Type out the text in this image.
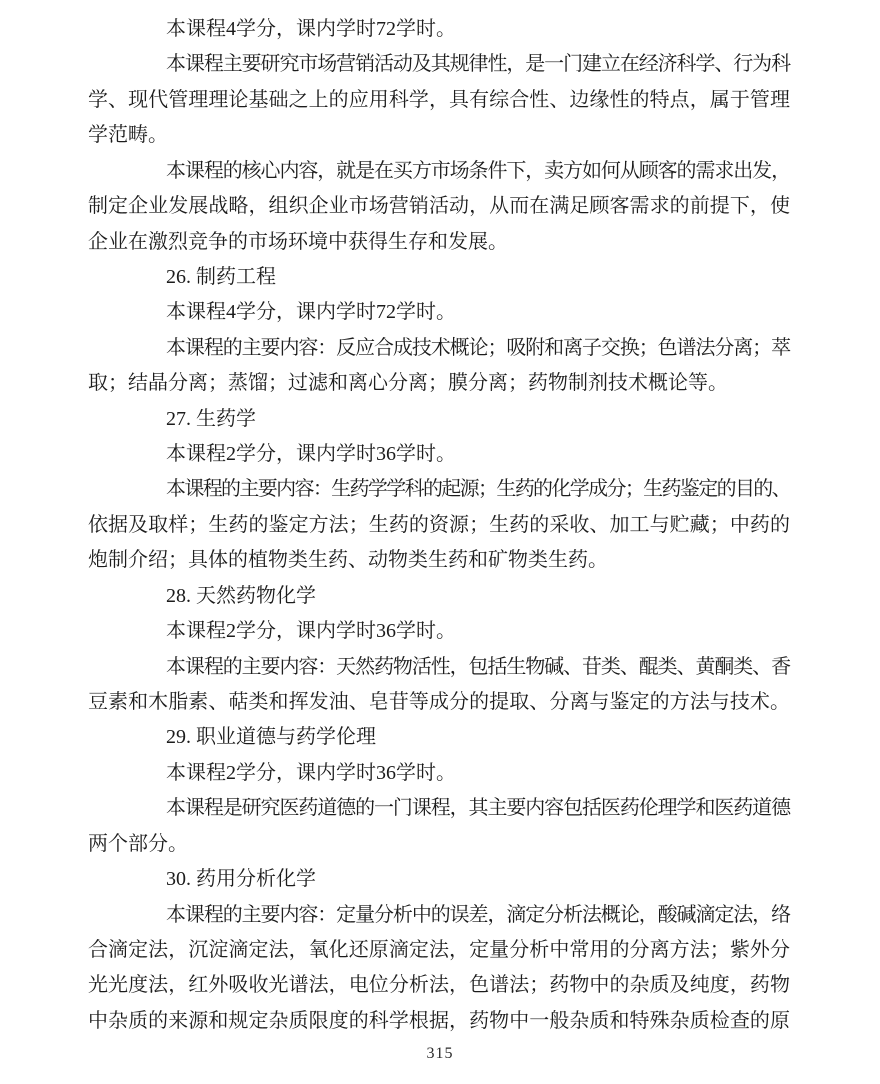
本课程4学分，课内学时72学时。

本课程主要研究市场营销活动及其规律性，是一门建立在经济科学、行为科

学、现代管理理论基础之上的应用科学，具有综合性、边缘性的特点，属于管理

学范畴。

本课程的核心内容，就是在买方市场条件下，卖方如何从顾客的需求出发，

制定企业发展战略，组织企业市场营销活动，从而在满足顾客需求的前提下，使

企业在激烈竞争的市场环境中获得生存和发展。

26. 制药工程

本课程4学分，课内学时72学时。

本课程的主要内容：反应合成技术概论；吸附和离子交换；色谱法分离；萃

取；结晶分离；蒸馏；过滤和离心分离；膜分离；药物制剂技术概论等。

27. 生药学

本课程2学分，课内学时36学时。

本课程的主要内容：生药学学科的起源；生药的化学成分；生药鉴定的目的、

依据及取样；生药的鉴定方法；生药的资源；生药的采收、加工与贮藏；中药的

炮制介绍；具体的植物类生药、动物类生药和矿物类生药。

28. 天然药物化学

本课程2学分，课内学时36学时。

本课程的主要内容：天然药物活性，包括生物碱、苷类、醌类、黄酮类、香

豆素和木脂素、萜类和挥发油、皂苷等成分的提取、分离与鉴定的方法与技术。

29. 职业道德与药学伦理

本课程2学分，课内学时36学时。

本课程是研究医药道德的一门课程，其主要内容包括医药伦理学和医药道德

两个部分。

30. 药用分析化学

本课程的主要内容：定量分析中的误差，滴定分析法概论，酸碱滴定法，络

合滴定法，沉淀滴定法，氧化还原滴定法，定量分析中常用的分离方法；紫外分

光光度法，红外吸收光谱法，电位分析法，色谱法；药物中的杂质及纯度，药物

中杂质的来源和规定杂质限度的科学根据，药物中一般杂质和特殊杂质检查的原

315
